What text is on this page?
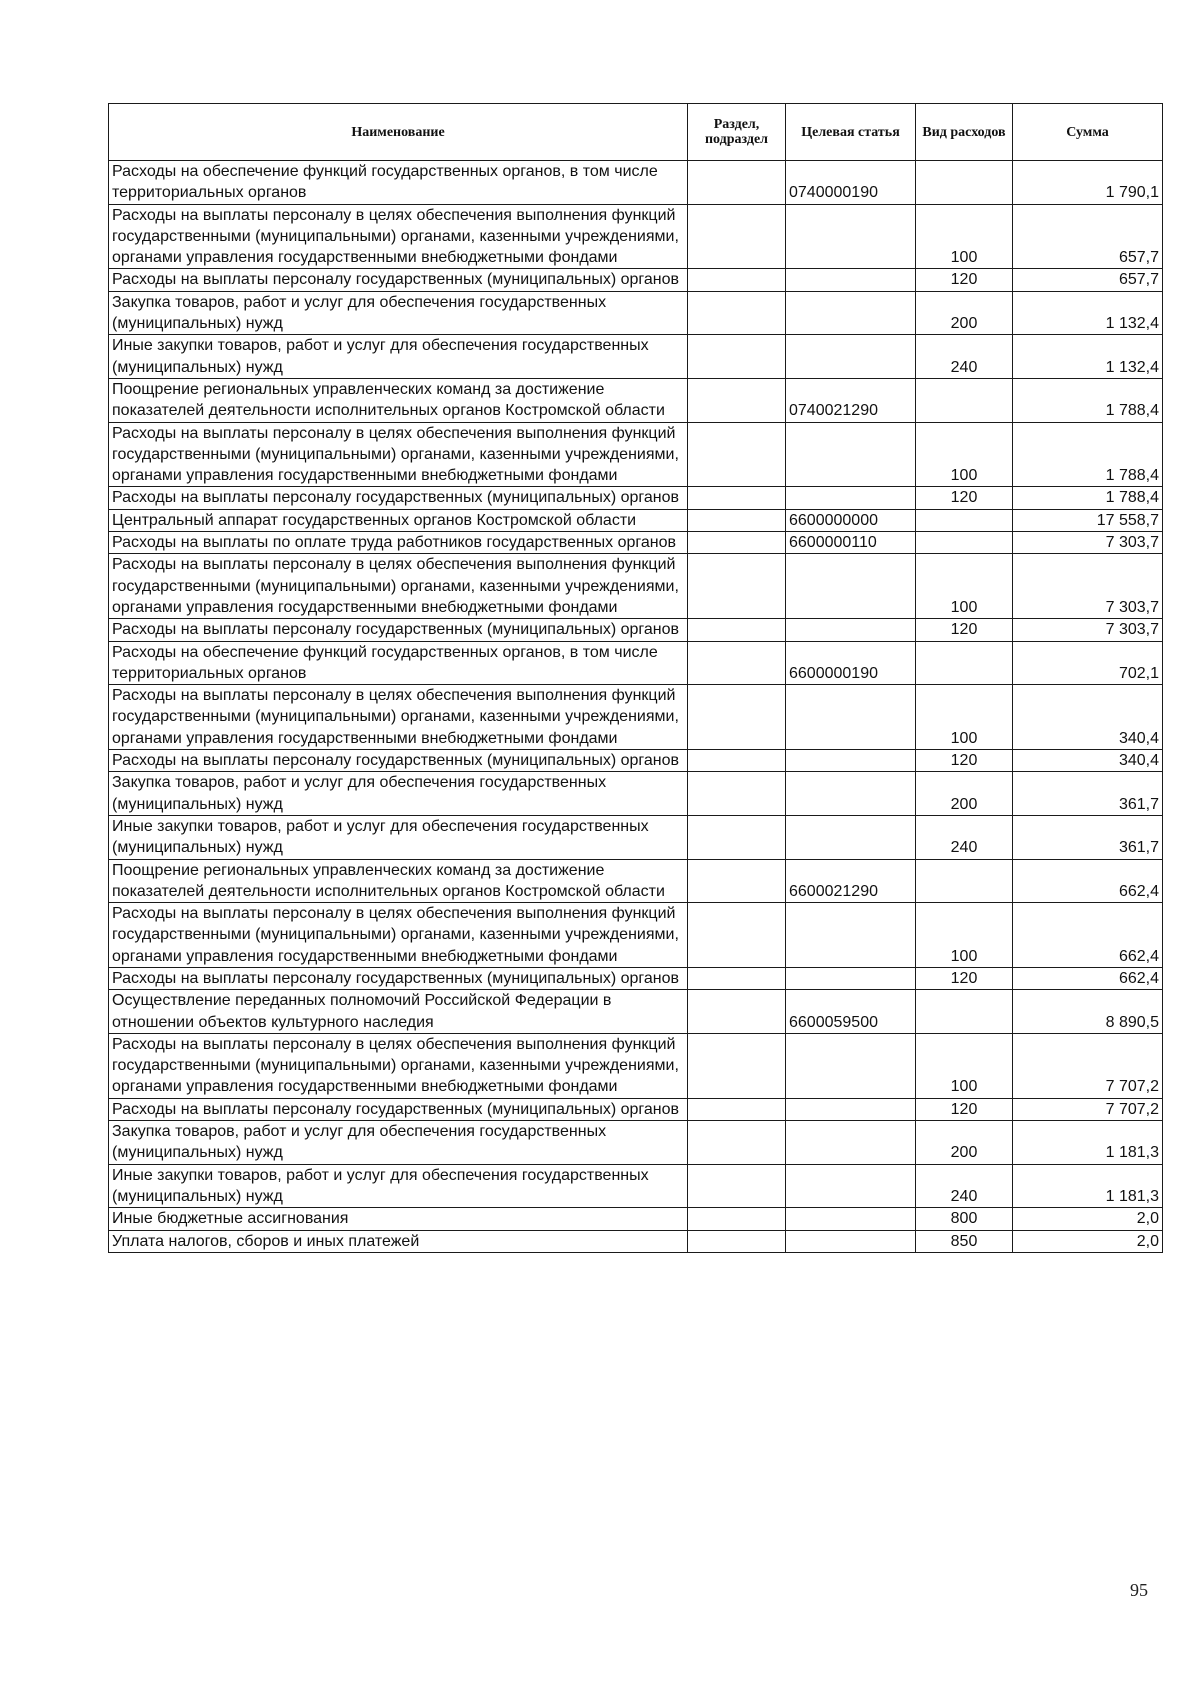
Наименование	Раздел, подраздел	Целевая статья	Вид расходов	Сумма
Расходы на обеспечение функций государственных органов, в том числе территориальных органов		0740000190		1 790,1
Расходы на выплаты персоналу в целях обеспечения выполнения функций государственными (муниципальными) органами, казенными учреждениями, органами управления государственными внебюджетными фондами			100	657,7
Расходы на выплаты персоналу государственных (муниципальных) органов			120	657,7
Закупка товаров, работ и услуг для обеспечения государственных (муниципальных) нужд			200	1 132,4
Иные закупки товаров, работ и услуг для обеспечения государственных (муниципальных) нужд			240	1 132,4
Поощрение региональных управленческих команд за достижение показателей деятельности исполнительных органов Костромской области		0740021290		1 788,4
Расходы на выплаты персоналу в целях обеспечения выполнения функций государственными (муниципальными) органами, казенными учреждениями, органами управления государственными внебюджетными фондами			100	1 788,4
Расходы на выплаты персоналу государственных (муниципальных) органов			120	1 788,4
Центральный аппарат государственных органов Костромской области		6600000000		17 558,7
Расходы на выплаты по оплате труда работников государственных органов		6600000110		7 303,7
Расходы на выплаты персоналу в целях обеспечения выполнения функций государственными (муниципальными) органами, казенными учреждениями, органами управления государственными внебюджетными фондами			100	7 303,7
Расходы на выплаты персоналу государственных (муниципальных) органов			120	7 303,7
Расходы на обеспечение функций государственных органов, в том числе территориальных органов		6600000190		702,1
Расходы на выплаты персоналу в целях обеспечения выполнения функций государственными (муниципальными) органами, казенными учреждениями, органами управления государственными внебюджетными фондами			100	340,4
Расходы на выплаты персоналу государственных (муниципальных) органов			120	340,4
Закупка товаров, работ и услуг для обеспечения государственных (муниципальных) нужд			200	361,7
Иные закупки товаров, работ и услуг для обеспечения государственных (муниципальных) нужд			240	361,7
Поощрение региональных управленческих команд за достижение показателей деятельности исполнительных органов Костромской области		6600021290		662,4
Расходы на выплаты персоналу в целях обеспечения выполнения функций государственными (муниципальными) органами, казенными учреждениями, органами управления государственными внебюджетными фондами			100	662,4
Расходы на выплаты персоналу государственных (муниципальных) органов			120	662,4
Осуществление переданных полномочий Российской Федерации в отношении объектов культурного наследия		6600059500		8 890,5
Расходы на выплаты персоналу в целях обеспечения выполнения функций государственными (муниципальными) органами, казенными учреждениями, органами управления государственными внебюджетными фондами			100	7 707,2
Расходы на выплаты персоналу государственных (муниципальных) органов			120	7 707,2
Закупка товаров, работ и услуг для обеспечения государственных (муниципальных) нужд			200	1 181,3
Иные закупки товаров, работ и услуг для обеспечения государственных (муниципальных) нужд			240	1 181,3
Иные бюджетные ассигнования			800	2,0
Уплата налогов, сборов и иных платежей			850	2,0
95
